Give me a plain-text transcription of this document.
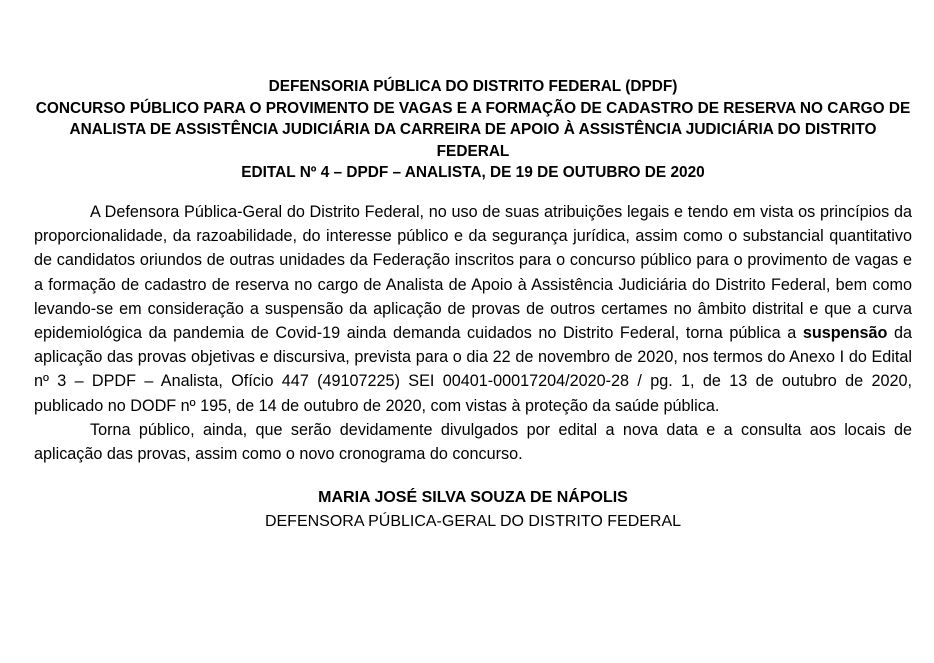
DEFENSORIA PÚBLICA DO DISTRITO FEDERAL (DPDF)
CONCURSO PÚBLICO PARA O PROVIMENTO DE VAGAS E A FORMAÇÃO DE CADASTRO DE RESERVA NO CARGO DE ANALISTA DE ASSISTÊNCIA JUDICIÁRIA DA CARREIRA DE APOIO À ASSISTÊNCIA JUDICIÁRIA DO DISTRITO FEDERAL
EDITAL Nº 4 – DPDF – ANALISTA, DE 19 DE OUTUBRO DE 2020

A Defensora Pública-Geral do Distrito Federal, no uso de suas atribuições legais e tendo em vista os princípios da proporcionalidade, da razoabilidade, do interesse público e da segurança jurídica, assim como o substancial quantitativo de candidatos oriundos de outras unidades da Federação inscritos para o concurso público para o provimento de vagas e a formação de cadastro de reserva no cargo de Analista de Apoio à Assistência Judiciária do Distrito Federal, bem como levando-se em consideração a suspensão da aplicação de provas de outros certames no âmbito distrital e que a curva epidemiológica da pandemia de Covid-19 ainda demanda cuidados no Distrito Federal, torna pública a suspensão da aplicação das provas objetivas e discursiva, prevista para o dia 22 de novembro de 2020, nos termos do Anexo I do Edital nº 3 – DPDF – Analista, Ofício 447 (49107225) SEI 00401-00017204/2020-28 / pg. 1, de 13 de outubro de 2020, publicado no DODF nº 195, de 14 de outubro de 2020, com vistas à proteção da saúde pública.

Torna público, ainda, que serão devidamente divulgados por edital a nova data e a consulta aos locais de aplicação das provas, assim como o novo cronograma do concurso.

MARIA JOSÉ SILVA SOUZA DE NÁPOLIS
DEFENSORA PÚBLICA-GERAL DO DISTRITO FEDERAL
